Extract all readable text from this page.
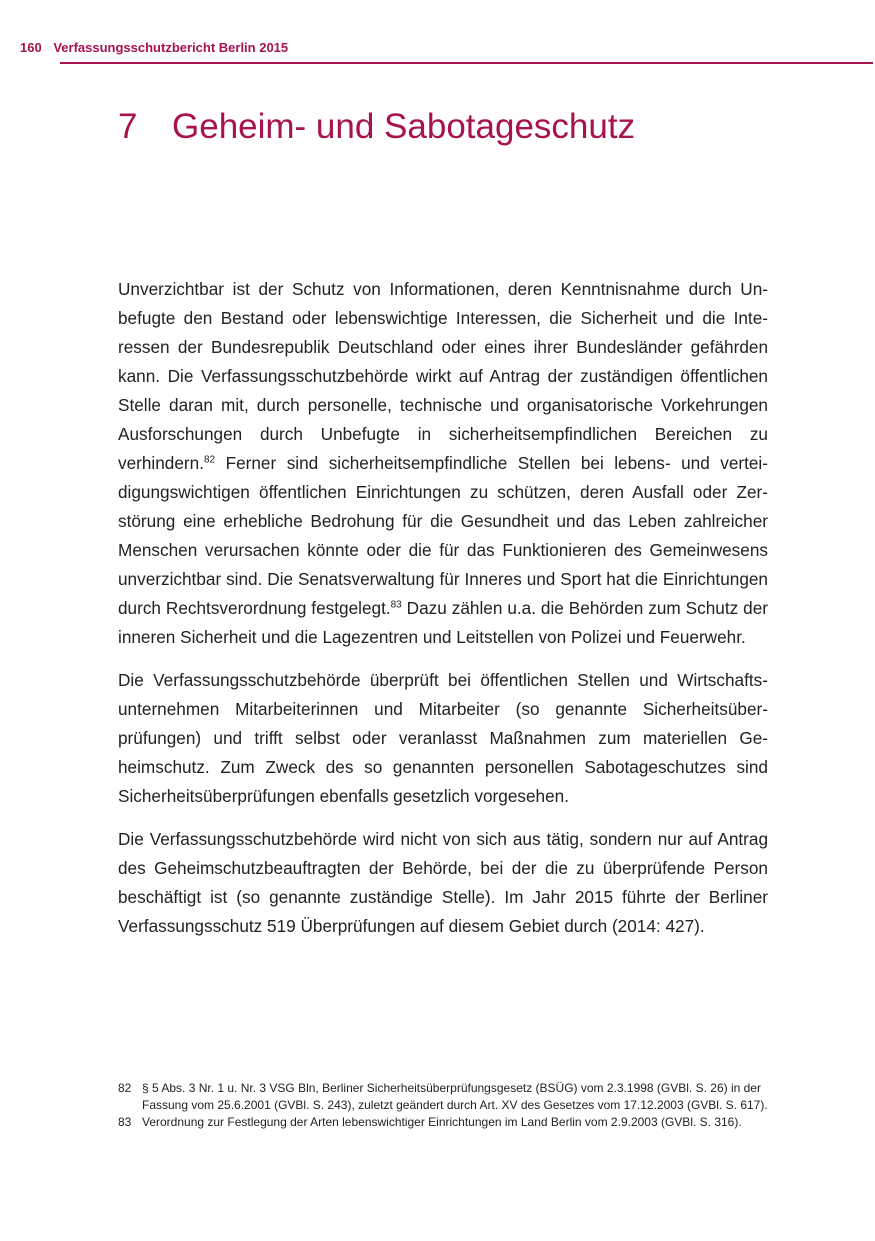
160 Verfassungsschutzbericht Berlin 2015
7 Geheim- und Sabotageschutz

Unverzichtbar ist der Schutz von Informationen, deren Kenntnisnahme durch Unbefugte den Bestand oder lebenswichtige Interessen, die Sicherheit und die Interessen der Bundesrepublik Deutschland oder eines ihrer Bundesländer gefährden kann. Die Verfassungsschutzbehörde wirkt auf Antrag der zuständigen öffentlichen Stelle daran mit, durch personelle, technische und organisatorische Vorkehrungen Ausforschungen durch Unbefugte in sicherheitsempfindlichen Bereichen zu verhindern.$^{82}$ Ferner sind sicherheitsempfindliche Stellen bei lebens- und verteidigungswichtigen öffentlichen Einrichtungen zu schützen, deren Ausfall oder Zerstörung eine erhebliche Bedrohung für die Gesundheit und das Leben zahlreicher Menschen verursachen könnte oder die für das Funktionieren des Gemeinwesens unverzichtbar sind. Die Senatsverwaltung für Inneres und Sport hat die Einrichtungen durch Rechtsverordnung festgelegt.$^{83}$ Dazu zählen u.a. die Behörden zum Schutz der inneren Sicherheit und die Lagezentren und Leitstellen von Polizei und Feuerwehr.

Die Verfassungsschutzbehörde überprüft bei öffentlichen Stellen und Wirtschaftsunternehmen Mitarbeiterinnen und Mitarbeiter (so genannte Sicherheitsüberprüfungen) und trifft selbst oder veranlasst Maßnahmen zum materiellen Geheimschutz. Zum Zweck des so genannten personellen Sabotageschutzes sind Sicherheitsüberprüfungen ebenfalls gesetzlich vorgesehen.

Die Verfassungsschutzbehörde wird nicht von sich aus tätig, sondern nur auf Antrag des Geheimschutzbeauftragten der Behörde, bei der die zu überprüfende Person beschäftigt ist (so genannte zuständige Stelle). Im Jahr 2015 führte der Berliner Verfassungsschutz 519 Überprüfungen auf diesem Gebiet durch (2014: 427).

82 § 5 Abs. 3 Nr. 1 u. Nr. 3 VSG Bln, Berliner Sicherheitsüberprüfungsgesetz (BSÜG) vom 2.3.1998 (GVBl. S. 26) in der Fassung vom 25.6.2001 (GVBl. S. 243), zuletzt geändert durch Art. XV des Gesetzes vom 17.12.2003 (GVBl. S. 617).
83 Verordnung zur Festlegung der Arten lebenswichtiger Einrichtungen im Land Berlin vom 2.9.2003 (GVBl. S. 316).
